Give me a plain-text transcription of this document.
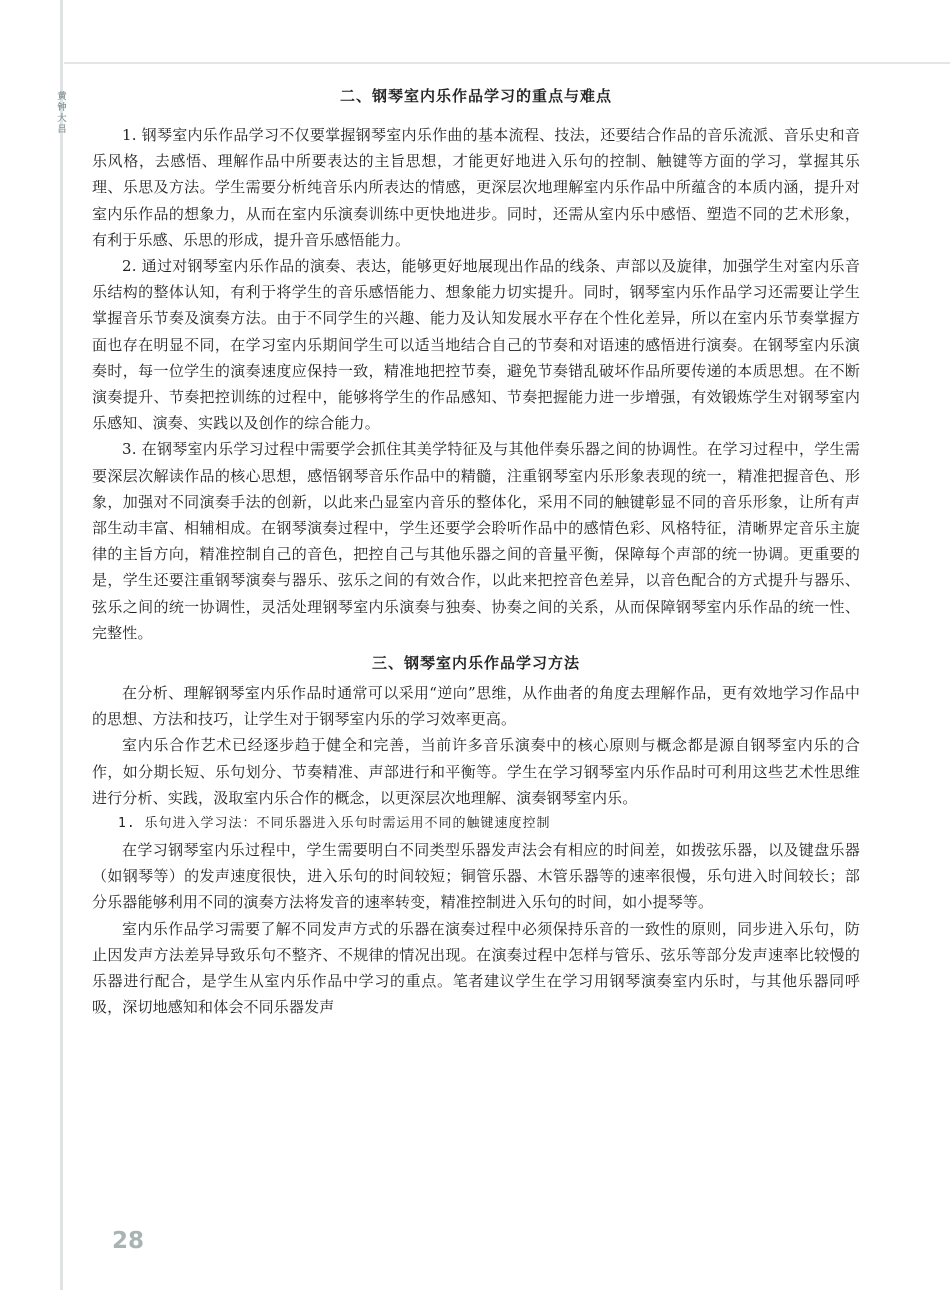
黄钟大吕
二、钢琴室内乐作品学习的重点与难点

1. 钢琴室内乐作品学习不仅要掌握钢琴室内乐作曲的基本流程、技法，还要结合作品的音乐流派、音乐史和音乐风格，去感悟、理解作品中所要表达的主旨思想，才能更好地进入乐句的控制、触键等方面的学习，掌握其乐理、乐思及方法。学生需要分析纯音乐内所表达的情感，更深层次地理解室内乐作品中所蕴含的本质内涵，提升对室内乐作品的想象力，从而在室内乐演奏训练中更快地进步。同时，还需从室内乐中感悟、塑造不同的艺术形象，有利于乐感、乐思的形成，提升音乐感悟能力。

2. 通过对钢琴室内乐作品的演奏、表达，能够更好地展现出作品的线条、声部以及旋律，加强学生对室内乐音乐结构的整体认知，有利于将学生的音乐感悟能力、想象能力切实提升。同时，钢琴室内乐作品学习还需要让学生掌握音乐节奏及演奏方法。由于不同学生的兴趣、能力及认知发展水平存在个性化差异，所以在室内乐节奏掌握方面也存在明显不同，在学习室内乐期间学生可以适当地结合自己的节奏和对语速的感悟进行演奏。在钢琴室内乐演奏时，每一位学生的演奏速度应保持一致，精准地把控节奏，避免节奏错乱破坏作品所要传递的本质思想。在不断演奏提升、节奏把控训练的过程中，能够将学生的作品感知、节奏把握能力进一步增强，有效锻炼学生对钢琴室内乐感知、演奏、实践以及创作的综合能力。

3. 在钢琴室内乐学习过程中需要学会抓住其美学特征及与其他伴奏乐器之间的协调性。在学习过程中，学生需要深层次解读作品的核心思想，感悟钢琴音乐作品中的精髓，注重钢琴室内乐形象表现的统一，精准把握音色、形象，加强对不同演奏手法的创新，以此来凸显室内音乐的整体化，采用不同的触键彰显不同的音乐形象，让所有声部生动丰富、相辅相成。在钢琴演奏过程中，学生还要学会聆听作品中的感情色彩、风格特征，清晰界定音乐主旋律的主旨方向，精准控制自己的音色，把控自己与其他乐器之间的音量平衡，保障每个声部的统一协调。更重要的是，学生还要注重钢琴演奏与器乐、弦乐之间的有效合作，以此来把控音色差异，以音色配合的方式提升与器乐、弦乐之间的统一协调性，灵活处理钢琴室内乐演奏与独奏、协奏之间的关系，从而保障钢琴室内乐作品的统一性、完整性。

三、钢琴室内乐作品学习方法

在分析、理解钢琴室内乐作品时通常可以采用“逆向”思维，从作曲者的角度去理解作品，更有效地学习作品中的思想、方法和技巧，让学生对于钢琴室内乐的学习效率更高。

室内乐合作艺术已经逐步趋于健全和完善，当前许多音乐演奏中的核心原则与概念都是源自钢琴室内乐的合作，如分期长短、乐句划分、节奏精准、声部进行和平衡等。学生在学习钢琴室内乐作品时可利用这些艺术性思维进行分析、实践，汲取室内乐合作的概念，以更深层次地理解、演奏钢琴室内乐。

1. 乐句进入学习法：不同乐器进入乐句时需运用不同的触键速度控制

在学习钢琴室内乐过程中，学生需要明白不同类型乐器发声法会有相应的时间差，如拨弦乐器，以及键盘乐器（如钢琴等）的发声速度很快，进入乐句的时间较短；铜管乐器、木管乐器等的速率很慢，乐句进入时间较长；部分乐器能够利用不同的演奏方法将发音的速率转变，精准控制进入乐句的时间，如小提琴等。

室内乐作品学习需要了解不同发声方式的乐器在演奏过程中必须保持乐音的一致性的原则，同步进入乐句，防止因发声方法差异导致乐句不整齐、不规律的情况出现。在演奏过程中怎样与管乐、弦乐等部分发声速率比较慢的乐器进行配合，是学生从室内乐作品中学习的重点。笔者建议学生在学习用钢琴演奏室内乐时，与其他乐器同呼吸，深切地感知和体会不同乐器发声

28
